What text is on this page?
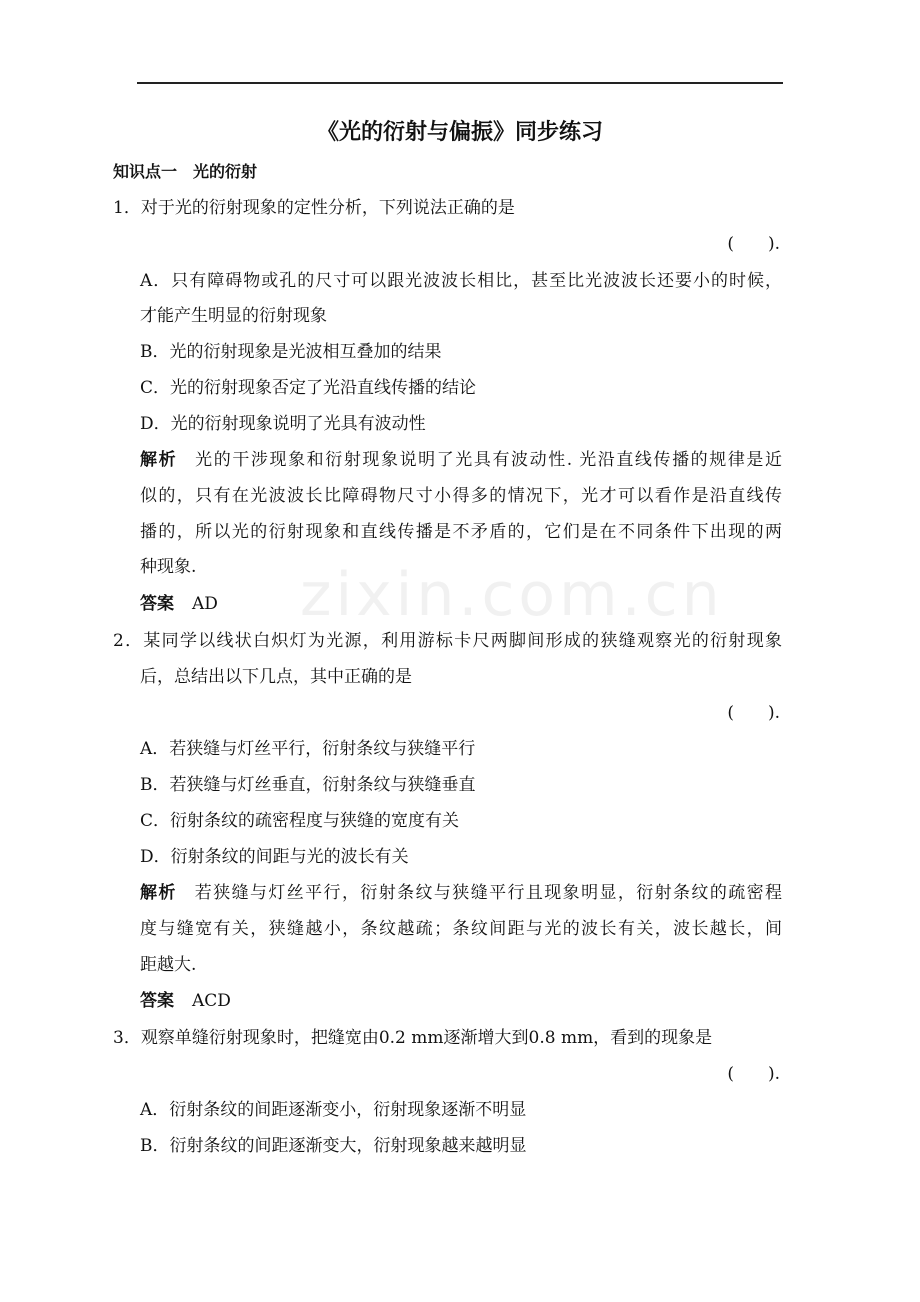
zixin.com.cn
《光的衍射与偏振》同步练习
知识点一　光的衍射
1．对于光的衍射现象的定性分析，下列说法正确的是
(　　).
A．只有障碍物或孔的尺寸可以跟光波波长相比，甚至比光波波长还要小的时候，
才能产生明显的衍射现象
B．光的衍射现象是光波相互叠加的结果
C．光的衍射现象否定了光沿直线传播的结论
D．光的衍射现象说明了光具有波动性
解析 光的干涉现象和衍射现象说明了光具有波动性. 光沿直线传播的规律是近
似的，只有在光波波长比障碍物尺寸小得多的情况下，光才可以看作是沿直线传
播的，所以光的衍射现象和直线传播是不矛盾的，它们是在不同条件下出现的两
种现象.
答案 AD
2．某同学以线状白炽灯为光源，利用游标卡尺两脚间形成的狭缝观察光的衍射现象
后，总结出以下几点，其中正确的是
(　　).
A．若狭缝与灯丝平行，衍射条纹与狭缝平行
B．若狭缝与灯丝垂直，衍射条纹与狭缝垂直
C．衍射条纹的疏密程度与狭缝的宽度有关
D．衍射条纹的间距与光的波长有关
解析 若狭缝与灯丝平行，衍射条纹与狭缝平行且现象明显，衍射条纹的疏密程
度与缝宽有关，狭缝越小，条纹越疏；条纹间距与光的波长有关，波长越长，间
距越大.
答案 ACD
3．观察单缝衍射现象时，把缝宽由0.2 mm逐渐增大到0.8 mm，看到的现象是
(　　).
A．衍射条纹的间距逐渐变小，衍射现象逐渐不明显
B．衍射条纹的间距逐渐变大，衍射现象越来越明显
